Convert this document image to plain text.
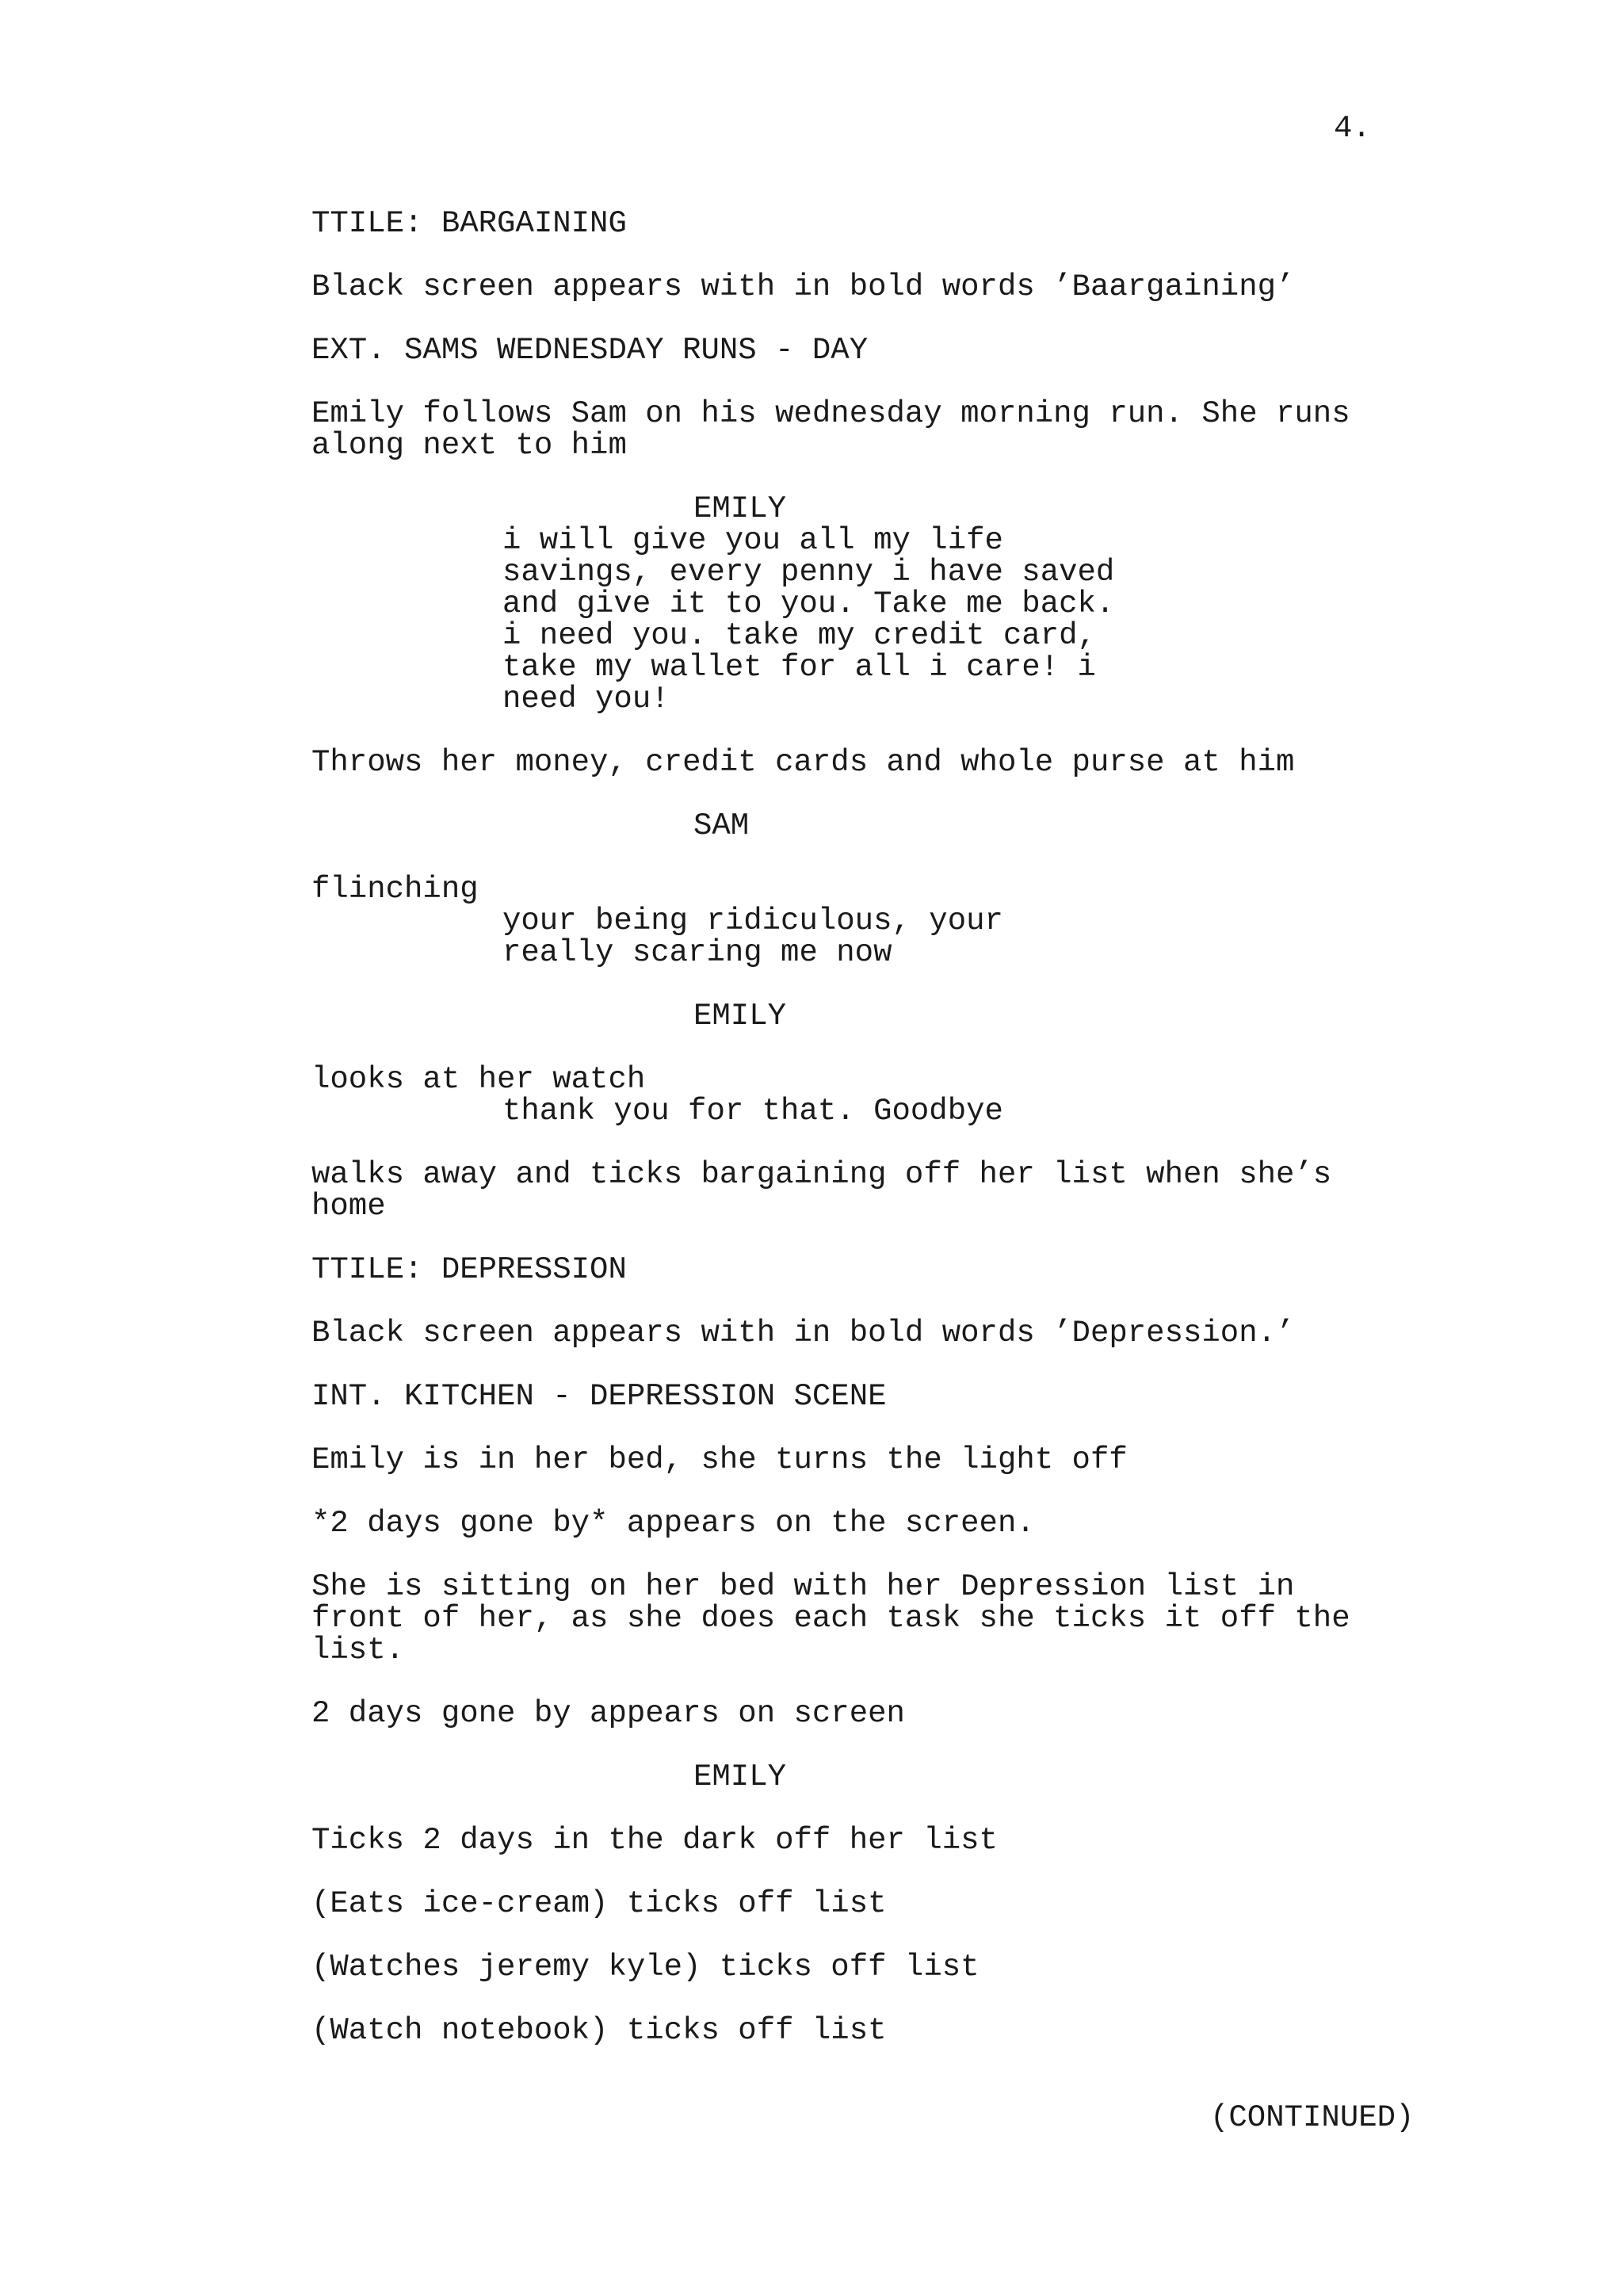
4.
TTILE: BARGAINING
Black screen appears with in bold words ’Baargaining’
EXT. SAMS WEDNESDAY RUNS - DAY
Emily follows Sam on his wednesday morning run. She runs
along next to him
EMILY
i will give you all my life
savings, every penny i have saved
and give it to you. Take me back.
i need you. take my credit card,
take my wallet for all i care! i
need you!
Throws her money, credit cards and whole purse at him
SAM
flinching
your being ridiculous, your
really scaring me now
EMILY
looks at her watch
thank you for that. Goodbye
walks away and ticks bargaining off her list when she’s
home
TTILE: DEPRESSION
Black screen appears with in bold words ’Depression.’
INT. KITCHEN - DEPRESSION SCENE
Emily is in her bed, she turns the light off
*2 days gone by* appears on the screen.
She is sitting on her bed with her Depression list in
front of her, as she does each task she ticks it off the
list.
2 days gone by appears on screen
EMILY
Ticks 2 days in the dark off her list
(Eats ice-cream) ticks off list
(Watches jeremy kyle) ticks off list
(Watch notebook) ticks off list
(CONTINUED)
